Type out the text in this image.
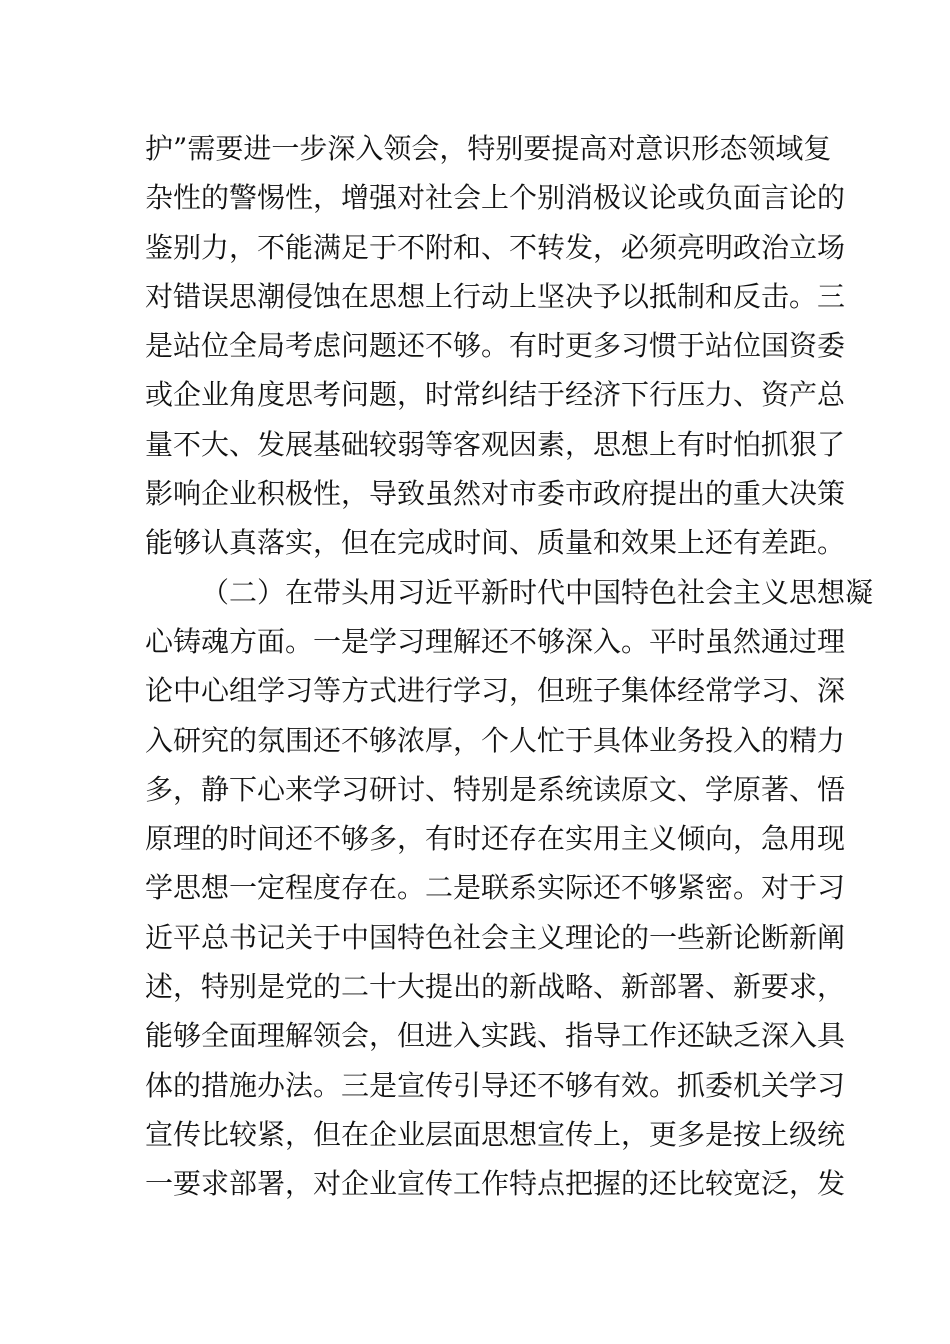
护”需要进一步深入领会，特别要提高对意识形态领域复
杂性的警惕性，增强对社会上个别消极议论或负面言论的
鉴别力，不能满足于不附和、不转发，必须亮明政治立场
对错误思潮侵蚀在思想上行动上坚决予以抵制和反击。三
是站位全局考虑问题还不够。有时更多习惯于站位国资委
或企业角度思考问题，时常纠结于经济下行压力、资产总
量不大、发展基础较弱等客观因素，思想上有时怕抓狠了
影响企业积极性，导致虽然对市委市政府提出的重大决策
能够认真落实，但在完成时间、质量和效果上还有差距。
（二）在带头用习近平新时代中国特色社会主义思想凝
心铸魂方面。一是学习理解还不够深入。平时虽然通过理
论中心组学习等方式进行学习，但班子集体经常学习、深
入研究的氛围还不够浓厚，个人忙于具体业务投入的精力
多，静下心来学习研讨、特别是系统读原文、学原著、悟
原理的时间还不够多，有时还存在实用主义倾向，急用现
学思想一定程度存在。二是联系实际还不够紧密。对于习
近平总书记关于中国特色社会主义理论的一些新论断新阐
述，特别是党的二十大提出的新战略、新部署、新要求，
能够全面理解领会，但进入实践、指导工作还缺乏深入具
体的措施办法。三是宣传引导还不够有效。抓委机关学习
宣传比较紧，但在企业层面思想宣传上，更多是按上级统
一要求部署，对企业宣传工作特点把握的还比较宽泛，发
